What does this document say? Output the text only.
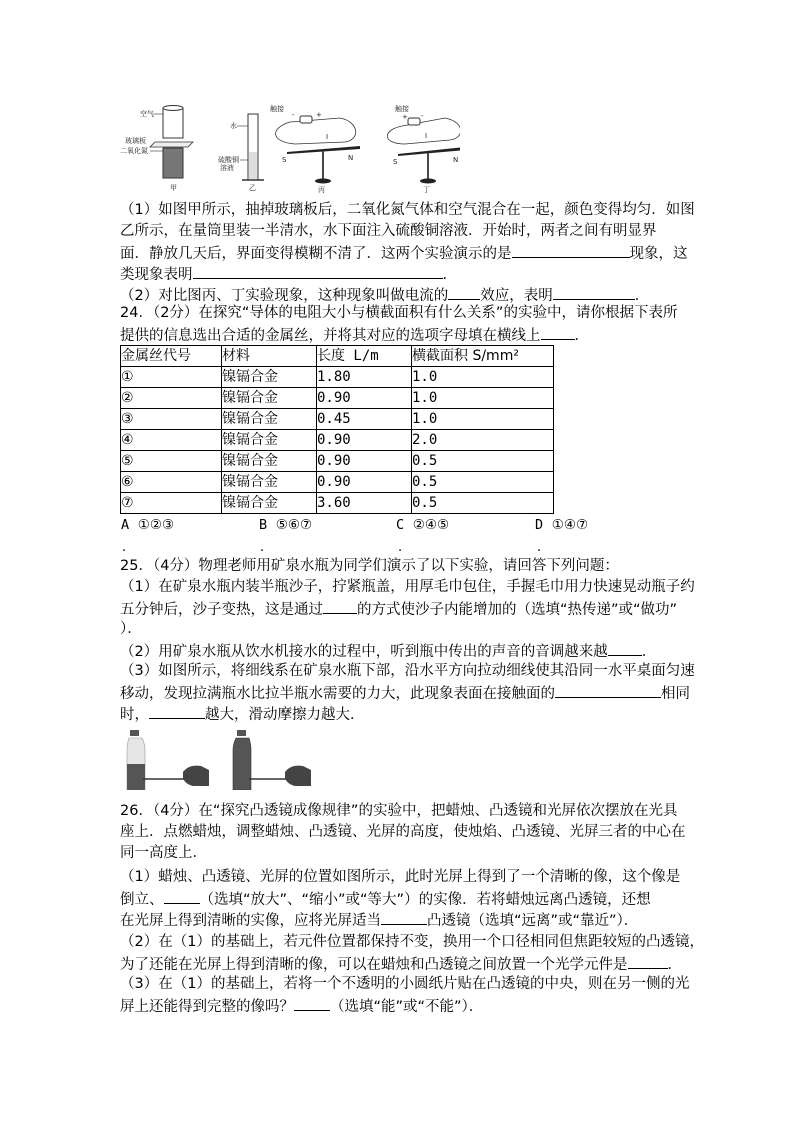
空气
玻璃板
二氧化氮
甲
水
硫酸铜
溶液
乙
触接
-	+
I
S	N
丙
触接
+ -
I
S	N
丁
（1）如图甲所示，抽掉玻璃板后，二氧化氮气体和空气混合在一起，颜色变得均匀．如图
乙所示，在量筒里装一半清水，水下面注入硫酸铜溶液．开始时，两者之间有明显界
面．静放几天后，界面变得模糊不清了．这两个实验演示的是	现象，这
类现象表明	．
（2）对比图丙、丁实验现象，这种现象叫做电流的 效应，表明	．
24．（2分）在探究“导体的电阻大小与横截面积有什么关系”的实验中，请你根据下表所
提供的信息选出合适的金属丝，并将其对应的选项字母填在横线上 ．
金属丝代号	材料	长度 L/m	横截面积 S/mm²
①	镍镉合金	1.80	1.0
②	镍镉合金	0.90	1.0
③	镍镉合金	0.45	1.0
④	镍镉合金	0.90	2.0
⑤	镍镉合金	0.90	0.5
⑥	镍镉合金	0.90	0.5
⑦	镍镉合金	3.60	0.5
A ①②③	B ⑤⑥⑦	C ②④⑤	D ①④⑦
.	.	.	.
25．（4分）物理老师用矿泉水瓶为同学们演示了以下实验，请回答下列问题：
（1）在矿泉水瓶内装半瓶沙子，拧紧瓶盖，用厚毛巾包住，手握毛巾用力快速晃动瓶子约
五分钟后，沙子变热，这是通过 的方式使沙子内能增加的（选填“热传递”或“做功”
）．
（2）用矿泉水瓶从饮水机接水的过程中，听到瓶中传出的声音的音调越来越 ．
（3）如图所示，将细线系在矿泉水瓶下部，沿水平方向拉动细线使其沿同一水平桌面匀速
移动，发现拉满瓶水比拉半瓶水需要的力大，此现象表面在接触面的	相同
时，	越大，滑动摩擦力越大．
26．（4分）在“探究凸透镜成像规律”的实验中，把蜡烛、凸透镜和光屏依次摆放在光具
座上．点燃蜡烛，调整蜡烛、凸透镜、光屏的高度，使烛焰、凸透镜、光屏三者的中心在
同一高度上．
（1）蜡烛、凸透镜、光屏的位置如图所示，此时光屏上得到了一个清晰的像，这个像是
倒立、 （选填“放大”、“缩小”或“等大”）的实像．若将蜡烛远离凸透镜，还想
在光屏上得到清晰的实像，应将光屏适当	凸透镜（选填“远离”或“靠近”）．
（2）在（1）的基础上，若元件位置都保持不变，换用一个口径相同但焦距较短的凸透镜，
为了还能在光屏上得到清晰的像，可以在蜡烛和凸透镜之间放置一个光学元件是	．
（3）在（1）的基础上，若将一个不透明的小圆纸片贴在凸透镜的中央，则在另一侧的光
屏上还能得到完整的像吗？ （选填“能”或“不能”）．
